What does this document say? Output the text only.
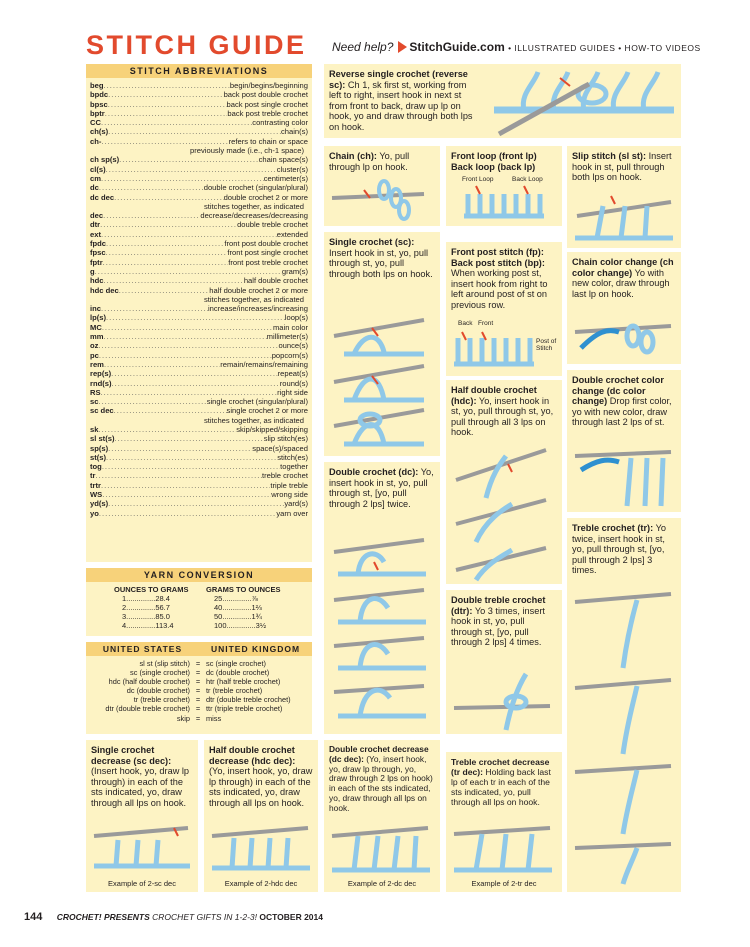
STITCH GUIDE Need help? StitchGuide.com • ILLUSTRATED GUIDES • HOW-TO VIDEOS
STITCH ABBREVIATIONS
beg .....	begin/begins/beginning
bpdc .....	back post double crochet
bpsc .....	back post single crochet
bptr .....	back post treble crochet
CC .....	contrasting color
ch(s) .....	chain(s)
ch- .....	refers to chain or space
previously made (i.e., ch-1 space)
ch sp(s) .....	chain space(s)
cl(s) .....	cluster(s)
cm .....	centimeter(s)
dc .....	double crochet (singular/plural)
dc dec .....	double crochet 2 or more
stitches together, as indicated
dec .....	decrease/decreases/decreasing
dtr .....	double treble crochet
ext .....	extended
fpdc .....	front post double crochet
fpsc .....	front post single crochet
fptr .....	front post treble crochet
g .....	gram(s)
hdc .....	half double crochet
hdc dec .....	half double crochet 2 or more
stitches together, as indicated
inc .....	increase/increases/increasing
lp(s) .....	loop(s)
MC .....	main color
mm .....	millimeter(s)
oz .....	ounce(s)
pc .....	popcorn(s)
rem .....	remain/remains/remaining
rep(s) .....	repeat(s)
rnd(s) .....	round(s)
RS .....	right side
sc .....	single crochet (singular/plural)
sc dec .....	single crochet 2 or more
stitches together, as indicated
sk .....	skip/skipped/skipping
sl st(s) .....	slip stitch(es)
sp(s) .....	space(s)/spaced
st(s) .....	stitch(es)
tog .....	together
tr .....	treble crochet
trtr .....	triple treble
WS .....	wrong side
yd(s) .....	yard(s)
yo .....	yarn over
YARN CONVERSION
OUNCES TO GRAMS
1..............28.4
2..............56.7
3..............85.0
4..............113.4
GRAMS TO OUNCES
25..............⅞
40..............1⅔
50..............1¾
100..............3½
UNITED STATES	UNITED KINGDOM
sl st (slip stitch) = sc (single crochet)
sc (single crochet) = dc (double crochet)
hdc (half double crochet) = htr (half treble crochet)
dc (double crochet) = tr (treble crochet)
tr (treble crochet) = dtr (double treble crochet)
dtr (double treble crochet) = ttr (triple treble crochet)
skip = miss
Reverse single crochet (reverse sc): Ch 1, sk first st, working from left to right, insert hook in next st from front to back, draw up lp on hook, yo and draw through both lps on hook.
Chain (ch): Yo, pull through lp on hook.
Single crochet (sc): Insert hook in st, yo, pull through st, yo, pull through both lps on hook.
Double crochet (dc): Yo, insert hook in st, yo, pull through st, [yo, pull through 2 lps] twice.
Double crochet decrease (dc dec): (Yo, insert hook, yo, draw lp through, yo, draw through 2 lps on hook) in each of the sts indicated, yo, draw through all lps on hook.
Example of 2-dc dec
Front loop (front lp) Back loop (back lp)
Front Loop	Back Loop
Front post stitch (fp): Back post stitch (bp): When working post st, insert hook from right to left around post of st on previous row.
Back Front
Post of Stitch
Half double crochet (hdc): Yo, insert hook in st, yo, pull through st, yo, pull through all 3 lps on hook.
Double treble crochet (dtr): Yo 3 times, insert hook in st, yo, pull through st, [yo, pull through 2 lps] 4 times.
Treble crochet decrease (tr dec): Holding back last lp of each tr in each of the sts indicated, yo, pull through all lps on hook.
Example of 2-tr dec
Slip stitch (sl st): Insert hook in st, pull through both lps on hook.
Chain color change (ch color change) Yo with new color, draw through last lp on hook.
Double crochet color change (dc color change) Drop first color, yo with new color, draw through last 2 lps of st.
Treble crochet (tr): Yo twice, insert hook in st, yo, pull through st, [yo, pull through 2 lps] 3 times.
Single crochet decrease (sc dec): (Insert hook, yo, draw lp through) in each of the sts indicated, yo, draw through all lps on hook.
Example of 2-sc dec
Half double crochet decrease (hdc dec): (Yo, insert hook, yo, draw lp through) in each of the sts indicated, yo, draw through all lps on hook.
Example of 2-hdc dec
144 CROCHET! PRESENTS CROCHET GIFTS IN 1-2-3! OCTOBER 2014
